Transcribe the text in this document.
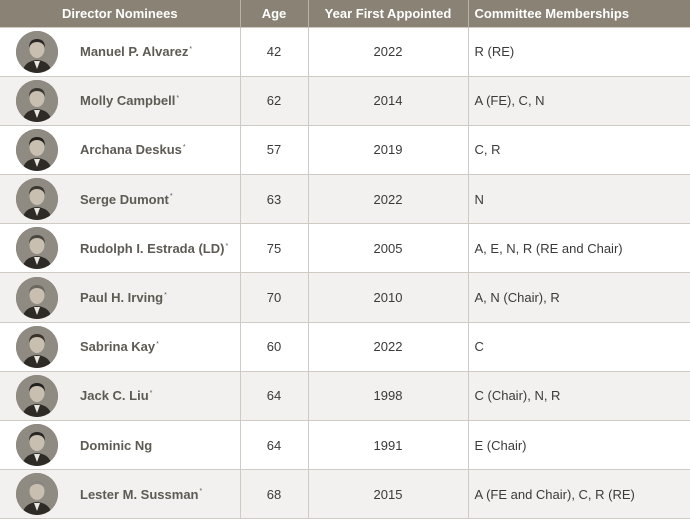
Director Nominees	Age	Year First Appointed	Committee Memberships

Manuel P. Alvarez*	42	2022	R (RE)

Molly Campbell*	62	2014	A (FE), C, N

Archana Deskus*	57	2019	C, R

Serge Dumont*	63	2022	N

Rudolph I. Estrada (LD)*	75	2005	A, E, N, R (RE and Chair)

Paul H. Irving*	70	2010	A, N (Chair), R

Sabrina Kay*	60	2022	C

Jack C. Liu*	64	1998	C (Chair), N, R

Dominic Ng	64	1991	E (Chair)

Lester M. Sussman*	68	2015	A (FE and Chair), C, R (RE)
